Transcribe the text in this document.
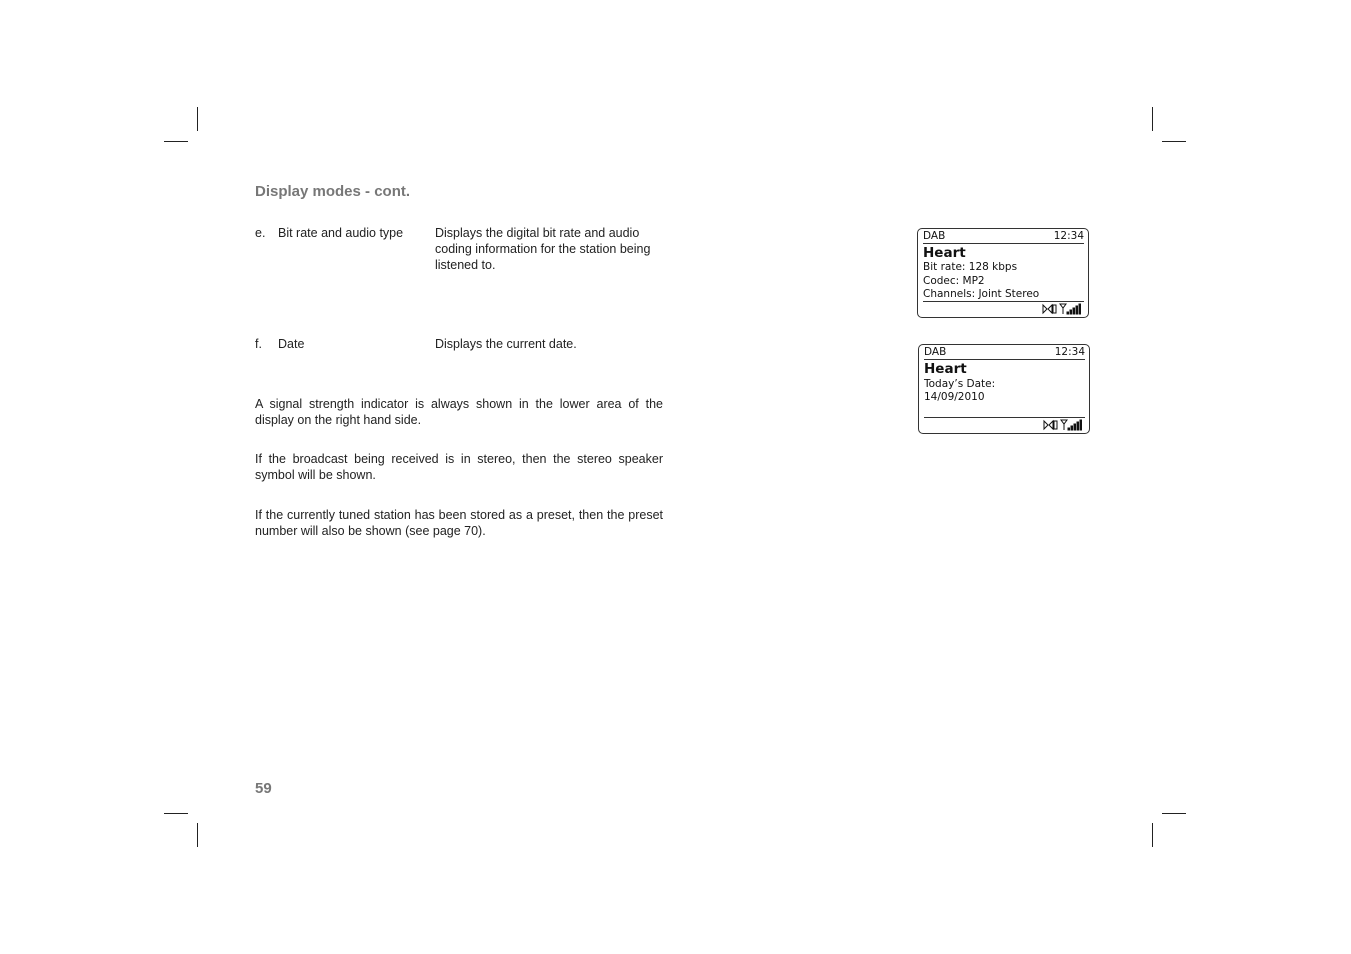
Display modes - cont.
e.	Bit rate and audio type	Displays the digital bit rate and audio coding information for the station being listened to.
f.	Date	Displays the current date.

A signal strength indicator is always shown in the lower area of the display on the right hand side.

If the broadcast being received is in stereo, then the stereo speaker symbol will be shown.

If the currently tuned station has been stored as a preset, then the preset number will also be shown (see page 70).

59
DAB	12:34
Heart
Bit rate: 128 kbps
Codec: MP2
Channels: Joint Stereo
DAB	12:34
Heart
Today’s Date:
14/09/2010
